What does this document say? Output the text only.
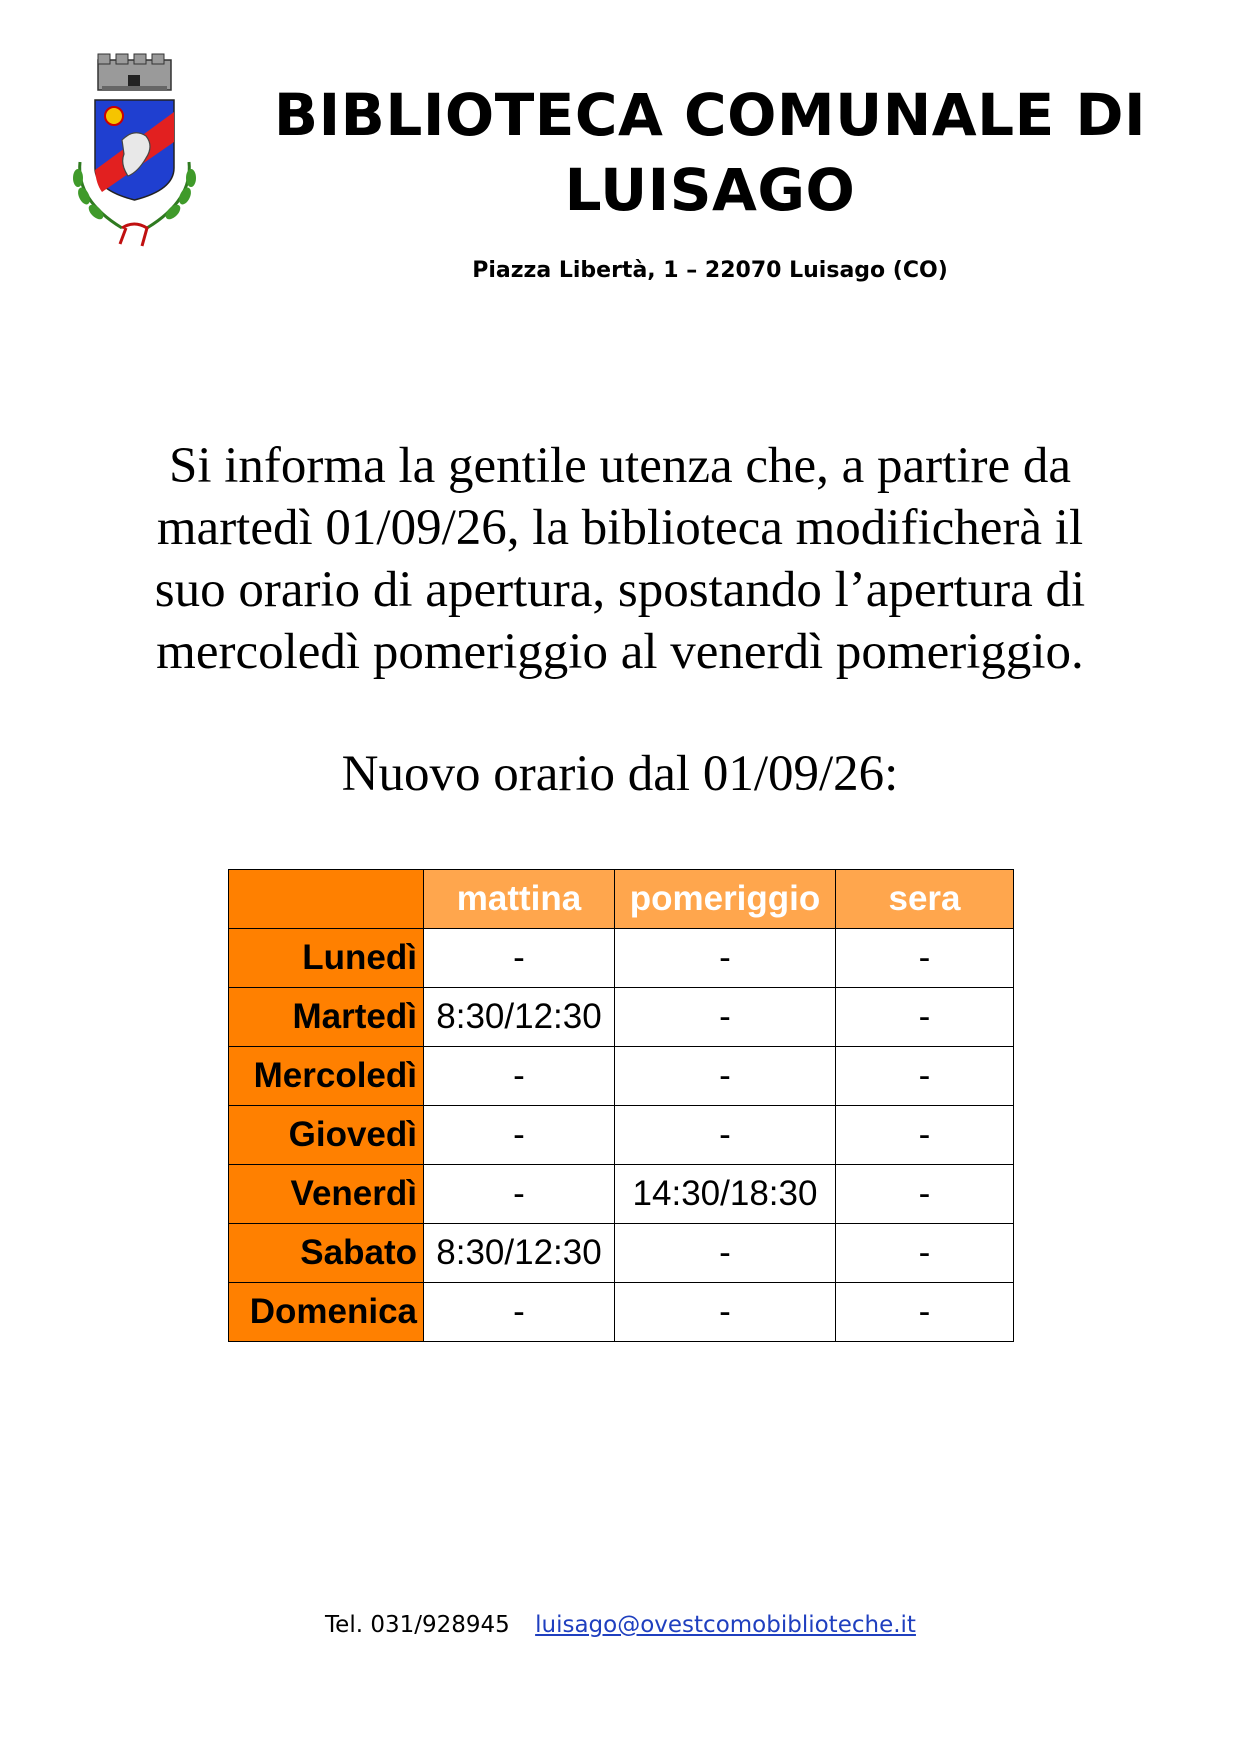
BIBLIOTECA COMUNALE DI
LUISAGO
Piazza Libertà, 1 – 22070 Luisago (CO)
Si informa la gentile utenza che, a partire da
martedì 01/09/26, la biblioteca modificherà il
suo orario di apertura, spostando l’apertura di
mercoledì pomeriggio al venerdì pomeriggio.
Nuovo orario dal 01/09/26:
	mattina	pomeriggio	sera
Lunedì	-	-	-
Martedì	8:30/12:30	-	-
Mercoledì	-	-	-
Giovedì	-	-	-
Venerdì	-	14:30/18:30	-
Sabato	8:30/12:30	-	-
Domenica	-	-	-
Tel. 031/928945 luisago@ovestcomobiblioteche.it
